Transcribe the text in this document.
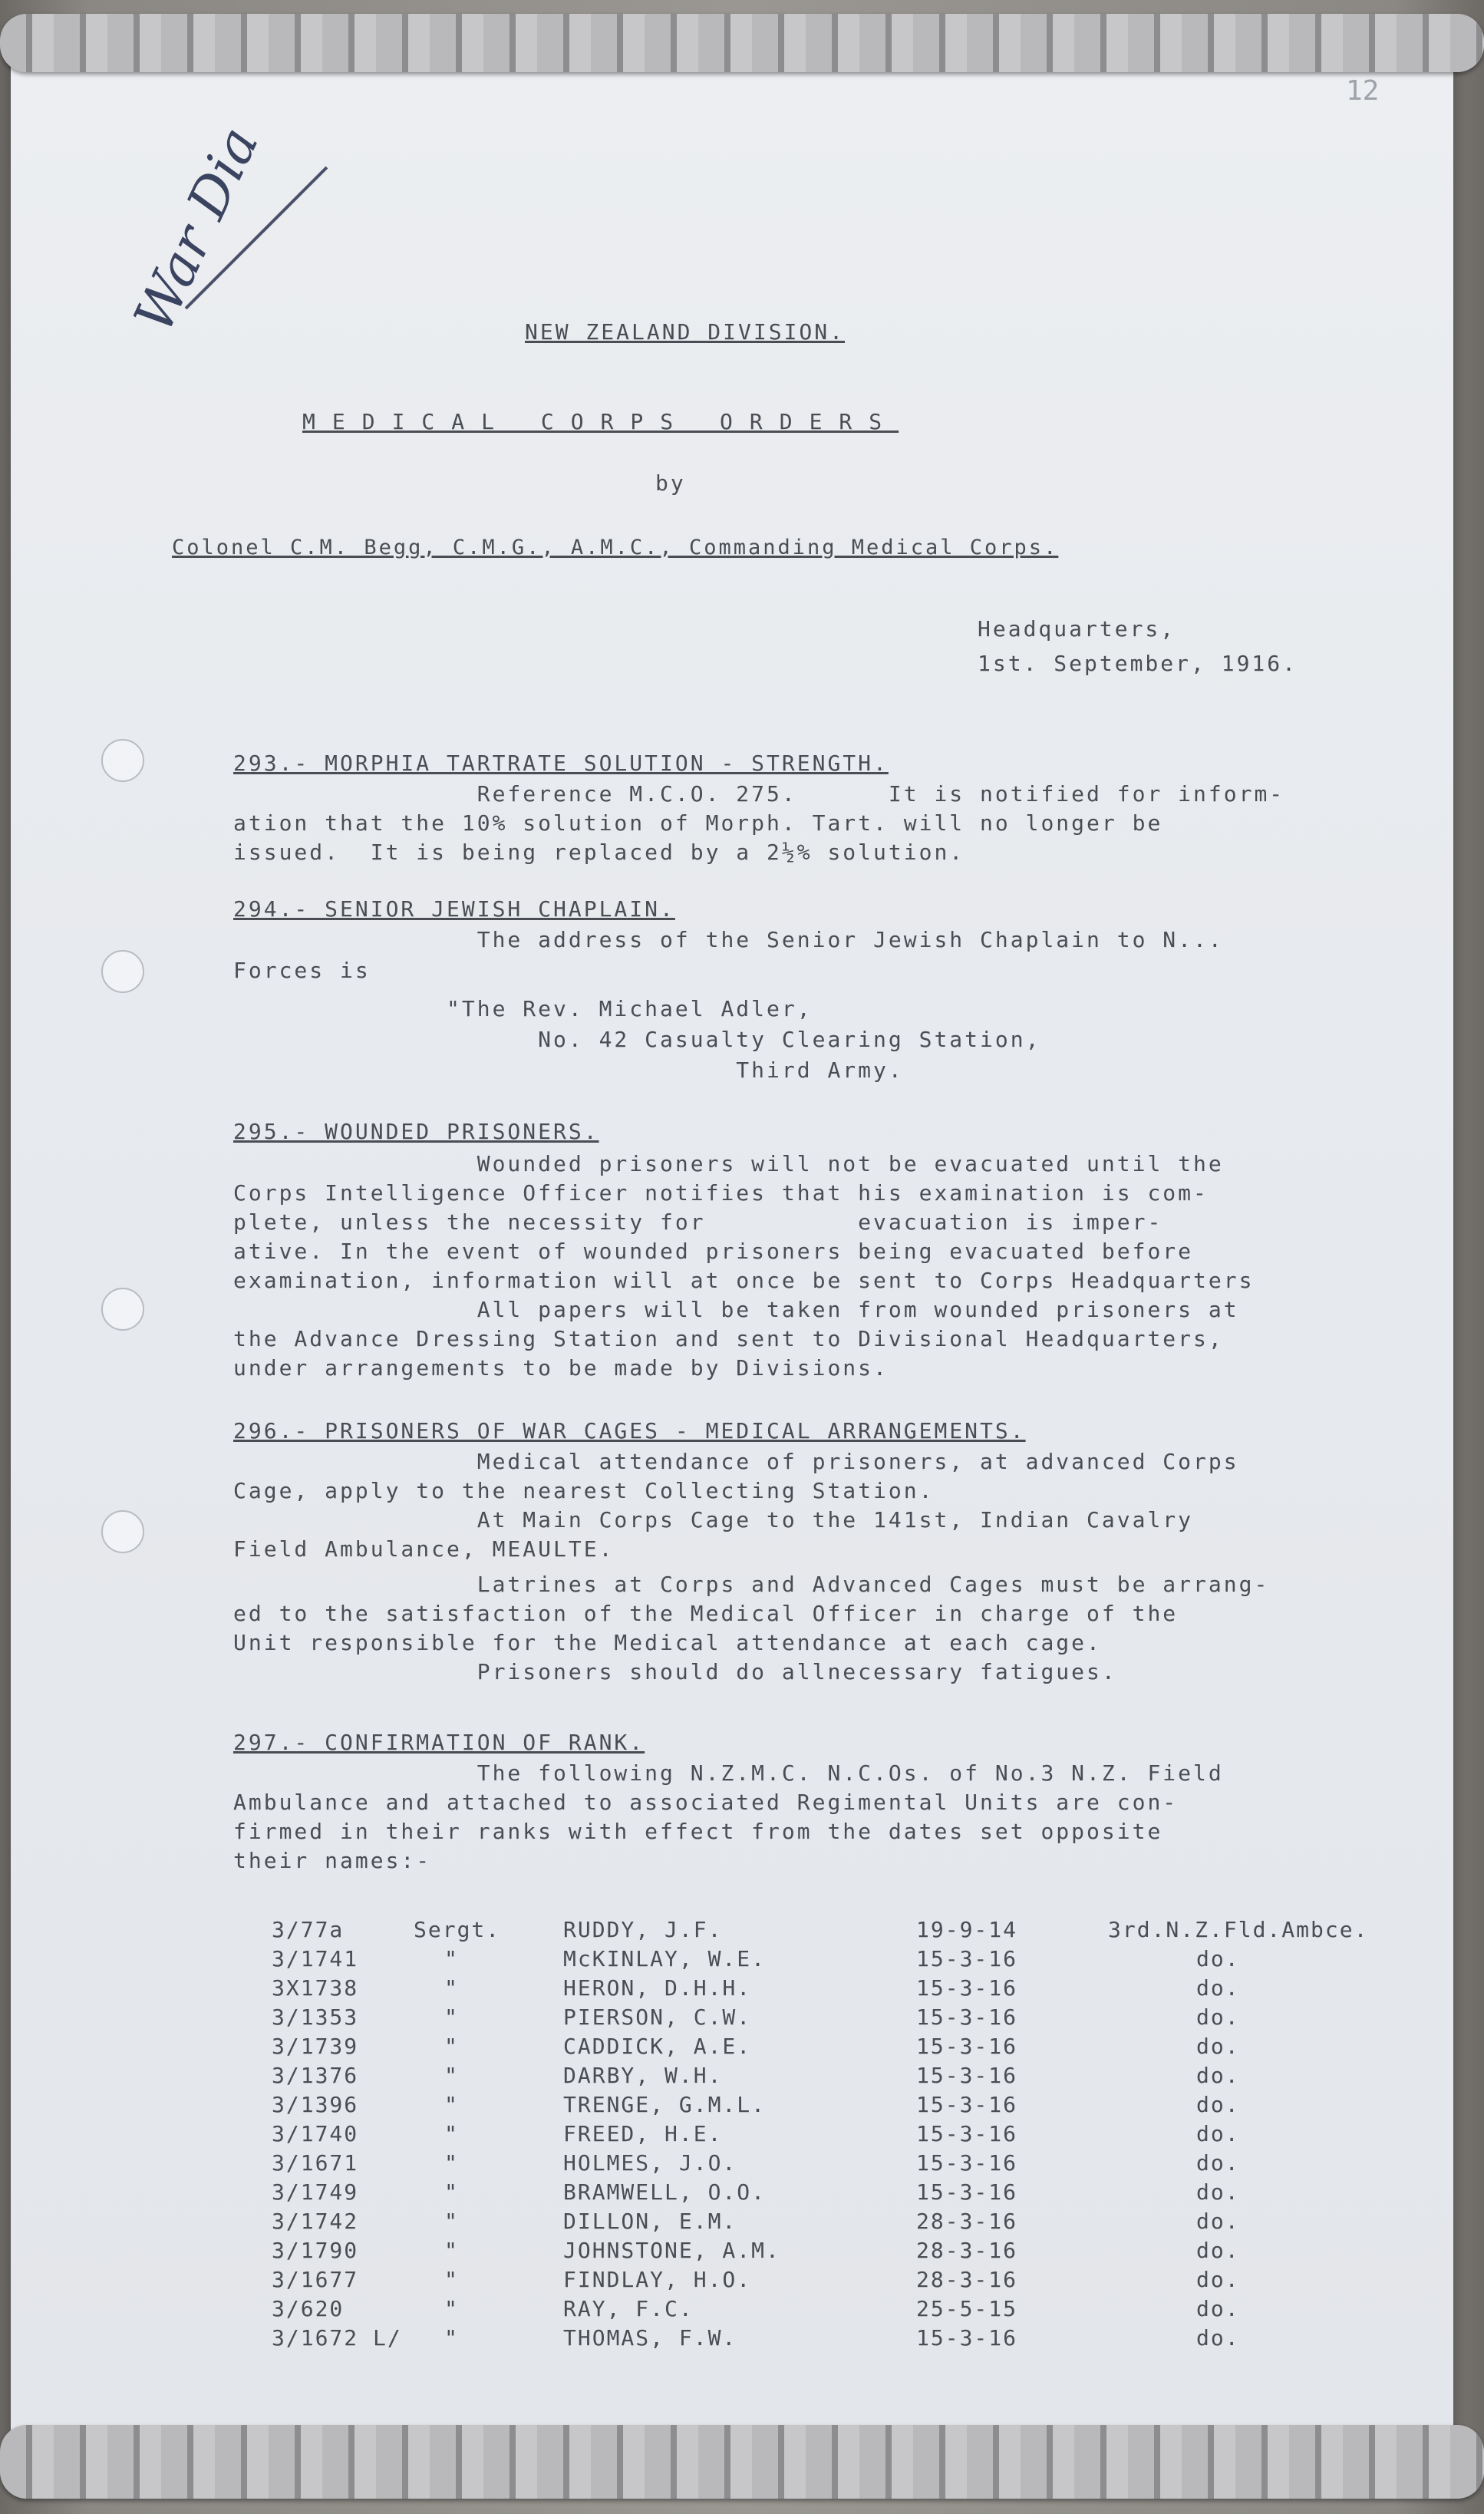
12
War Dia	NEW ZEALAND DIVISION.
MEDICAL CORPS ORDERS
by
Colonel C.M. Begg, C.M.G., A.M.C., Commanding Medical Corps.
Headquarters,
1st. September, 1916.
293.- MORPHIA TARTRATE SOLUTION - STRENGTH.
Reference M.C.O. 275.      It is notified for inform-
ation that the 10% solution of Morph. Tart. will no longer be
issued.  It is being replaced by a 2½% solution.
294.- SENIOR JEWISH CHAPLAIN.
The address of the Senior Jewish Chaplain to N...
Forces is
"The Rev. Michael Adler,
No. 42 Casualty Clearing Station,
Third Army.
295.- WOUNDED PRISONERS.
Wounded prisoners will not be evacuated until the
Corps Intelligence Officer notifies that his examination is com-
plete, unless the necessity for          evacuation is imper-
ative. In the event of wounded prisoners being evacuated before
examination, information will at once be sent to Corps Headquarters
All papers will be taken from wounded prisoners at
the Advance Dressing Station and sent to Divisional Headquarters,
under arrangements to be made by Divisions.
296.- PRISONERS OF WAR CAGES - MEDICAL ARRANGEMENTS.
Medical attendance of prisoners, at advanced Corps
Cage, apply to the nearest Collecting Station.
At Main Corps Cage to the 141st, Indian Cavalry
Field Ambulance, MEAULTE.
Latrines at Corps and Advanced Cages must be arrang-
ed to the satisfaction of the Medical Officer in charge of the
Unit responsible for the Medical attendance at each cage.
Prisoners should do allnecessary fatigues.
297.- CONFIRMATION OF RANK.
The following N.Z.M.C. N.C.Os. of No.3 N.Z. Field
Ambulance and attached to associated Regimental Units are con-
firmed in their ranks with effect from the dates set opposite
their names:-
3/77a	Sergt.	RUDDY, J.F.	19-9-14	3rd.N.Z.Fld.Ambce.
3/1741	"	McKINLAY, W.E.	15-3-16	do.
3X1738	"	HERON, D.H.H.	15-3-16	do.
3/1353	"	PIERSON, C.W.	15-3-16	do.
3/1739	"	CADDICK, A.E.	15-3-16	do.
3/1376	"	DARBY, W.H.	15-3-16	do.
3/1396	"	TRENGE, G.M.L.	15-3-16	do.
3/1740	"	FREED, H.E.	15-3-16	do.
3/1671	"	HOLMES, J.O.	15-3-16	do.
3/1749	"	BRAMWELL, O.O.	15-3-16	do.
3/1742	"	DILLON, E.M.	28-3-16	do.
3/1790	"	JOHNSTONE, A.M.	28-3-16	do.
3/1677	"	FINDLAY, H.O.	28-3-16	do.
3/620	"	RAY, F.C.	25-5-15	do.
3/1672 L/ "	THOMAS, F.W.	15-3-16	do.
